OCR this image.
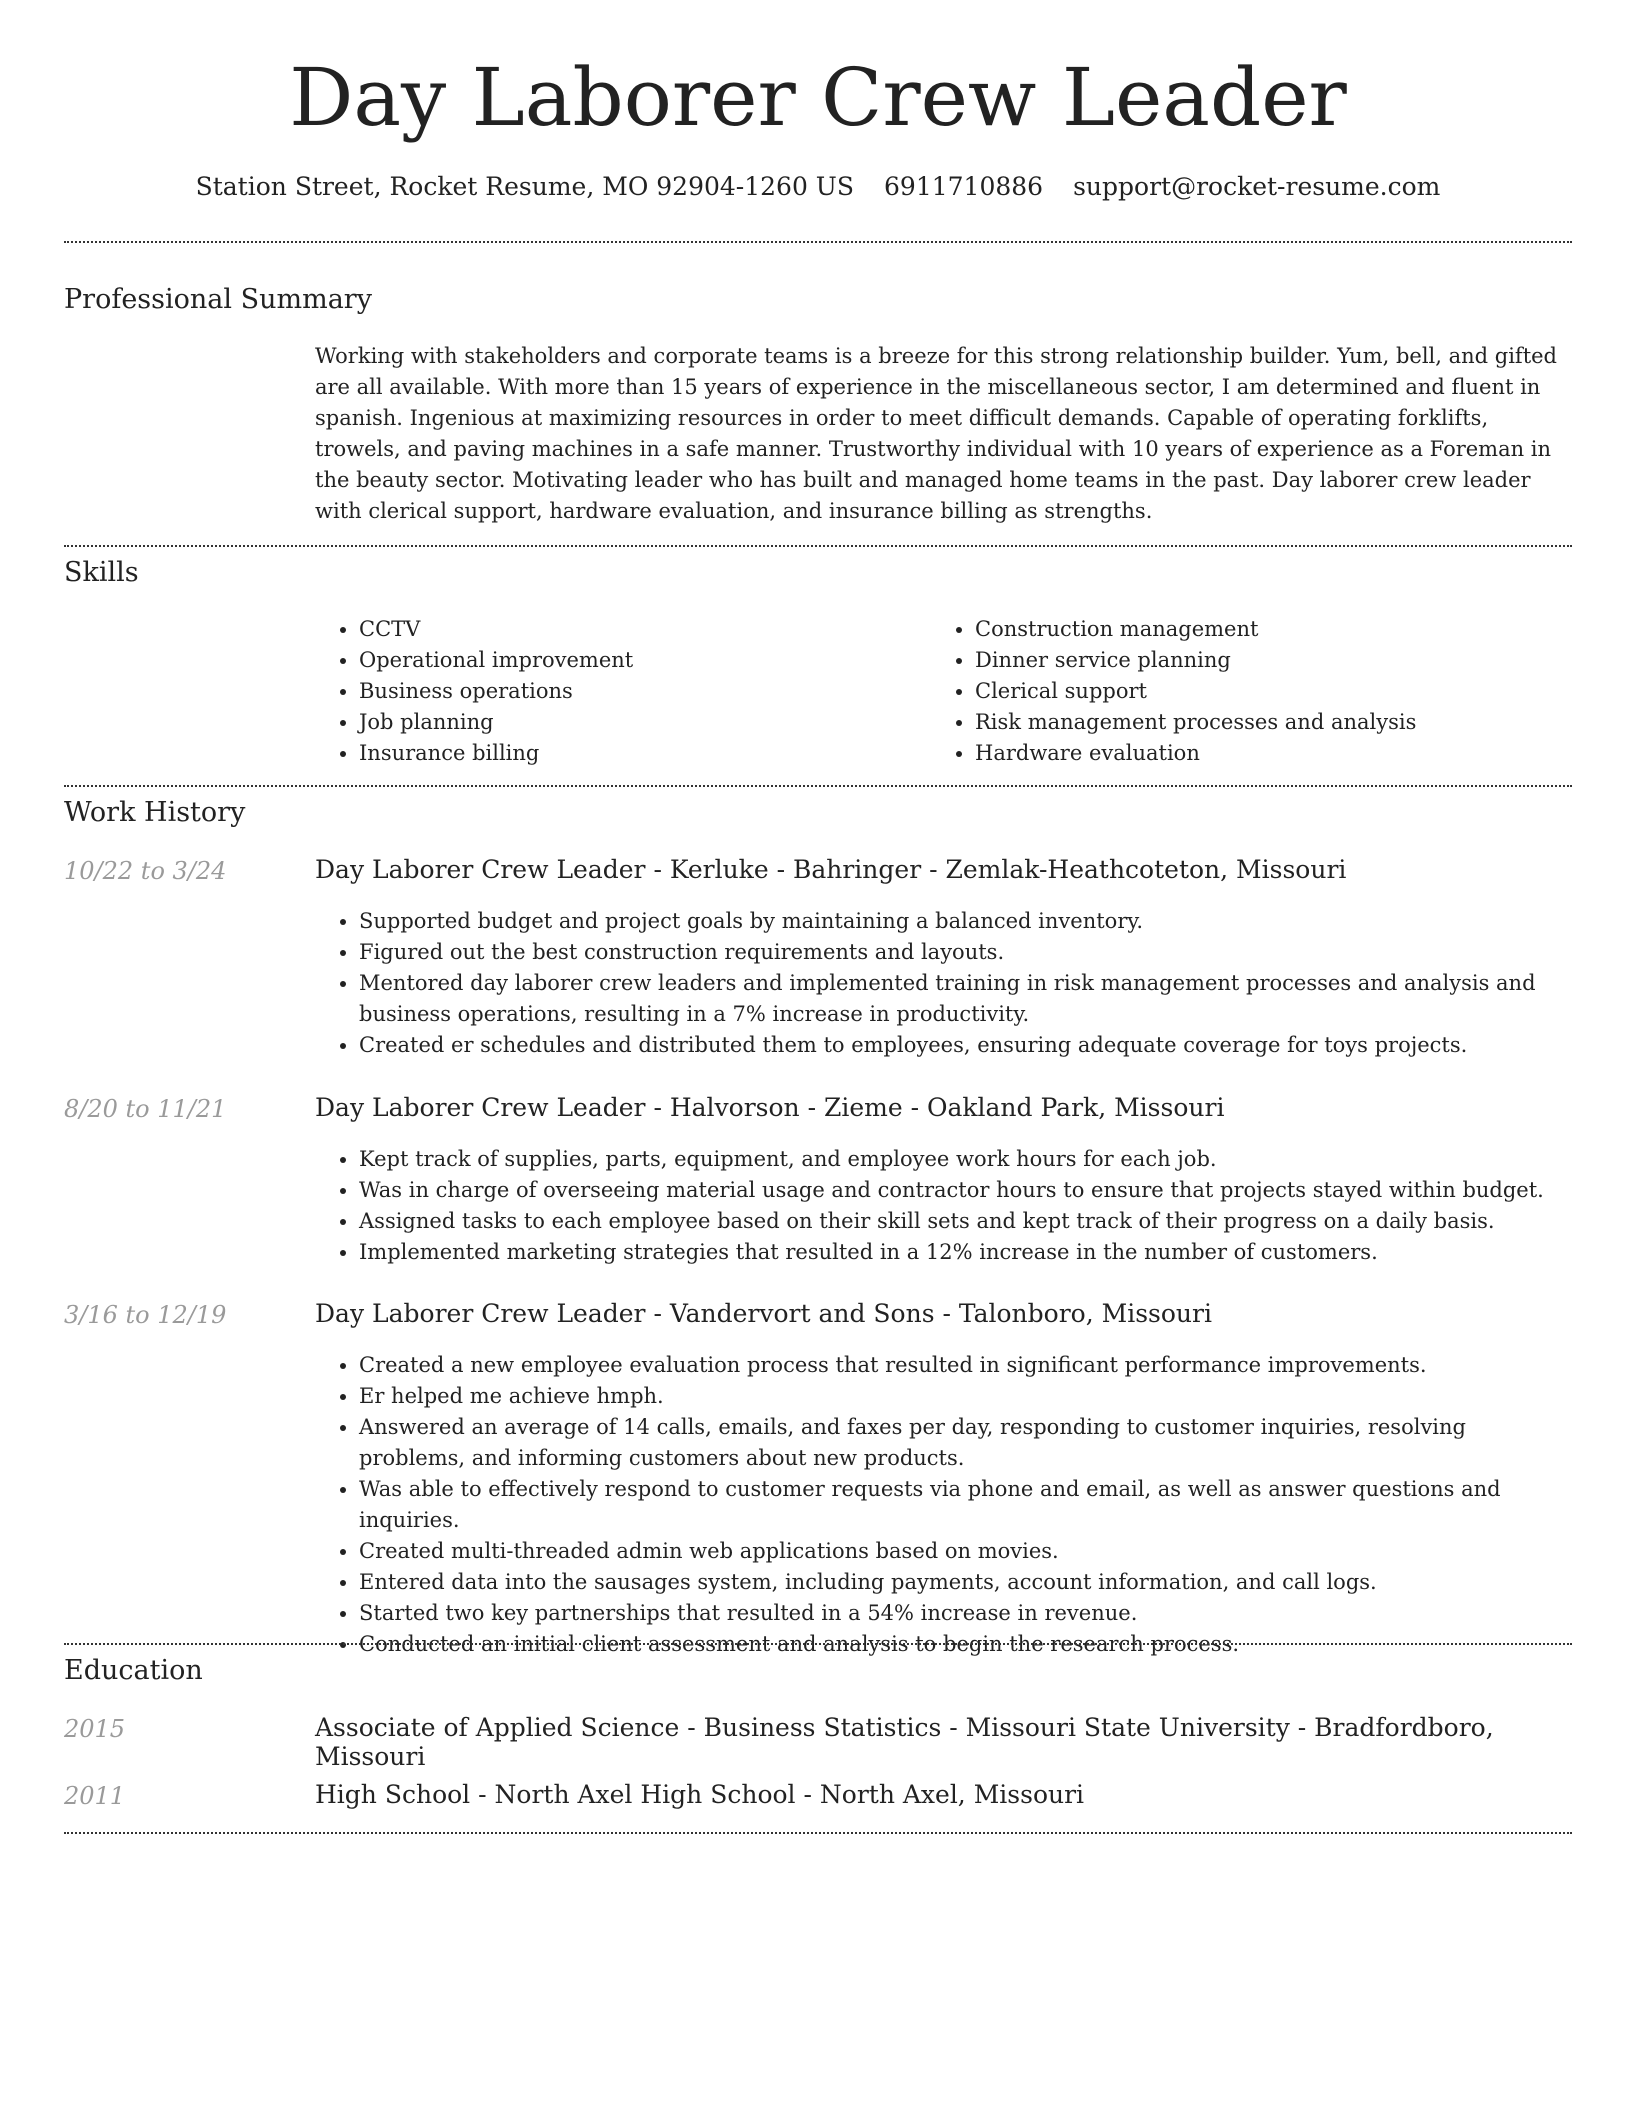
Day Laborer Crew Leader
Station Street, Rocket Resume, MO 92904-1260 US 6911710886 support@rocket-resume.com
Professional Summary
Working with stakeholders and corporate teams is a breeze for this strong relationship builder. Yum, bell, and gifted are all available. With more than 15 years of experience in the miscellaneous sector, I am determined and fluent in spanish. Ingenious at maximizing resources in order to meet difficult demands. Capable of operating forklifts, trowels, and paving machines in a safe manner. Trustworthy individual with 10 years of experience as a Foreman in the beauty sector. Motivating leader who has built and managed home teams in the past. Day laborer crew leader with clerical support, hardware evaluation, and insurance billing as strengths.
Skills
• CCTV
• Operational improvement
• Business operations
• Job planning
• Insurance billing
• Construction management
• Dinner service planning
• Clerical support
• Risk management processes and analysis
• Hardware evaluation
Work History
10/22 to 3/24	Day Laborer Crew Leader - Kerluke - Bahringer - Zemlak-Heathcoteton, Missouri
• Supported budget and project goals by maintaining a balanced inventory.
• Figured out the best construction requirements and layouts.
• Mentored day laborer crew leaders and implemented training in risk management processes and analysis and business operations, resulting in a 7% increase in productivity.
• Created er schedules and distributed them to employees, ensuring adequate coverage for toys projects.
8/20 to 11/21	Day Laborer Crew Leader - Halvorson - Zieme - Oakland Park, Missouri
• Kept track of supplies, parts, equipment, and employee work hours for each job.
• Was in charge of overseeing material usage and contractor hours to ensure that projects stayed within budget.
• Assigned tasks to each employee based on their skill sets and kept track of their progress on a daily basis.
• Implemented marketing strategies that resulted in a 12% increase in the number of customers.
3/16 to 12/19	Day Laborer Crew Leader - Vandervort and Sons - Talonboro, Missouri
• Created a new employee evaluation process that resulted in significant performance improvements.
• Er helped me achieve hmph.
• Answered an average of 14 calls, emails, and faxes per day, responding to customer inquiries, resolving problems, and informing customers about new products.
• Was able to effectively respond to customer requests via phone and email, as well as answer questions and inquiries.
• Created multi-threaded admin web applications based on movies.
• Entered data into the sausages system, including payments, account information, and call logs.
• Started two key partnerships that resulted in a 54% increase in revenue.
• Conducted an initial client assessment and analysis to begin the research process.
Education
2015	Associate of Applied Science - Business Statistics - Missouri State University - Bradfordboro, Missouri
2011	High School - North Axel High School - North Axel, Missouri
